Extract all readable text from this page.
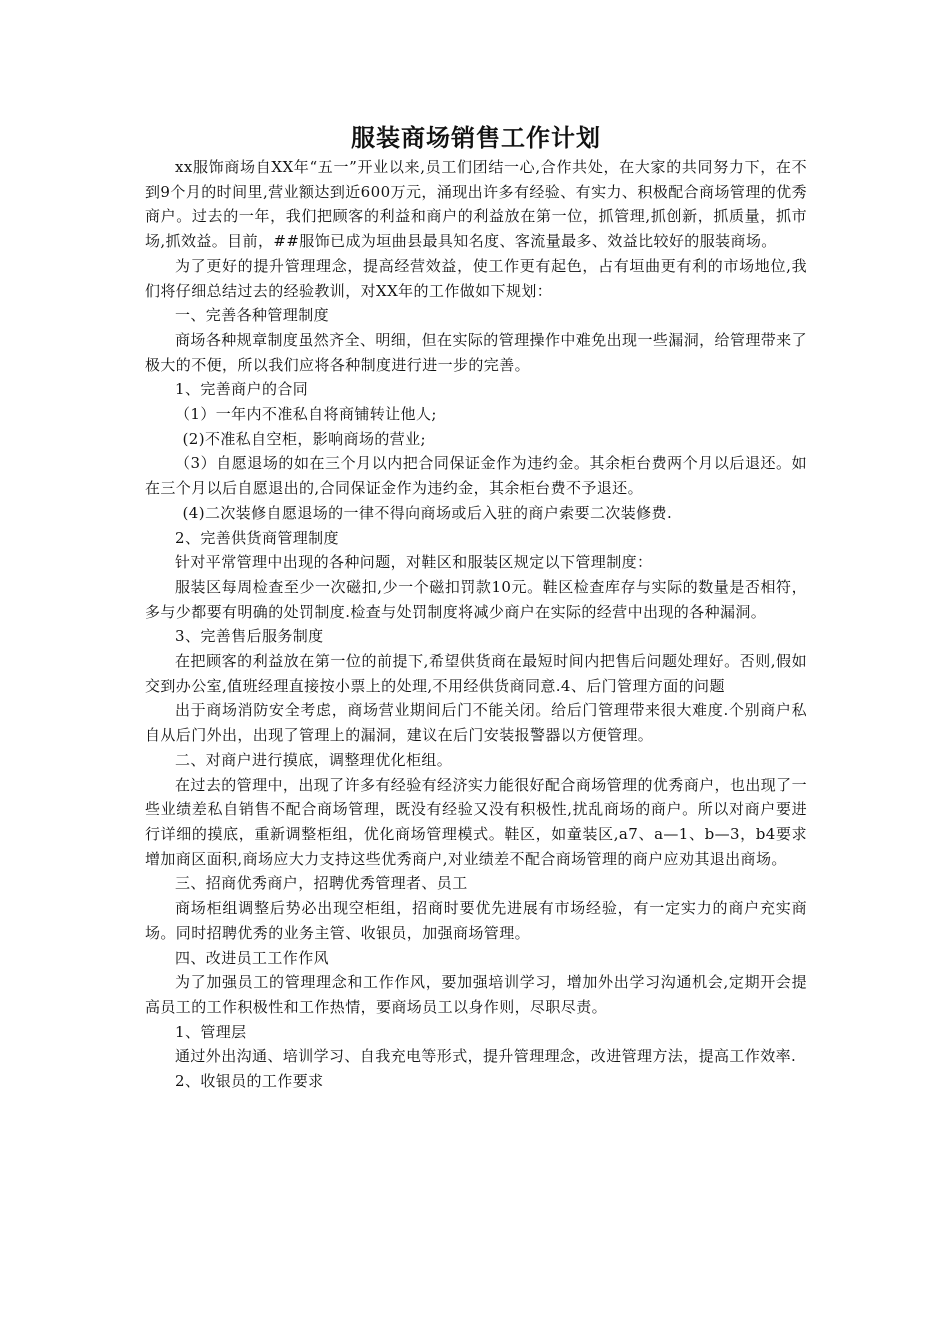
服装商场销售工作计划

xx服饰商场自XX年“五一”开业以来,员工们团结一心,合作共处，在大家的共同努力下，在不到9个月的时间里,营业额达到近600万元，涌现出许多有经验、有实力、积极配合商场管理的优秀商户。过去的一年，我们把顾客的利益和商户的利益放在第一位，抓管理,抓创新，抓质量，抓市场,抓效益。目前，##服饰已成为垣曲县最具知名度、客流量最多、效益比较好的服装商场。

为了更好的提升管理理念，提高经营效益，使工作更有起色，占有垣曲更有利的市场地位,我们将仔细总结过去的经验教训，对XX年的工作做如下规划：

一、完善各种管理制度

商场各种规章制度虽然齐全、明细，但在实际的管理操作中难免出现一些漏洞，给管理带来了极大的不便，所以我们应将各种制度进行进一步的完善。

1、完善商户的合同

（1）一年内不准私自将商铺转让他人;

(2)不准私自空柜，影响商场的营业;

（3）自愿退场的如在三个月以内把合同保证金作为违约金。其余柜台费两个月以后退还。如在三个月以后自愿退出的,合同保证金作为违约金，其余柜台费不予退还。

(4)二次装修自愿退场的一律不得向商场或后入驻的商户索要二次装修费.

2、完善供货商管理制度

针对平常管理中出现的各种问题，对鞋区和服装区规定以下管理制度：

服装区每周检查至少一次磁扣,少一个磁扣罚款10元。鞋区检查库存与实际的数量是否相符，多与少都要有明确的处罚制度.检查与处罚制度将减少商户在实际的经营中出现的各种漏洞。

3、完善售后服务制度

在把顾客的利益放在第一位的前提下,希望供货商在最短时间内把售后问题处理好。否则,假如交到办公室,值班经理直接按小票上的处理,不用经供货商同意.4、后门管理方面的问题

出于商场消防安全考虑，商场营业期间后门不能关闭。给后门管理带来很大难度.个别商户私自从后门外出，出现了管理上的漏洞，建议在后门安装报警器以方便管理。

二、对商户进行摸底，调整理优化柜组。

在过去的管理中，出现了许多有经验有经济实力能很好配合商场管理的优秀商户，也出现了一些业绩差私自销售不配合商场管理，既没有经验又没有积极性,扰乱商场的商户。所以对商户要进行详细的摸底，重新调整柜组，优化商场管理模式。鞋区，如童装区,a7、a—1、b—3，b4要求增加商区面积,商场应大力支持这些优秀商户,对业绩差不配合商场管理的商户应劝其退出商场。

三、招商优秀商户，招聘优秀管理者、员工

商场柜组调整后势必出现空柜组，招商时要优先进展有市场经验，有一定实力的商户充实商场。同时招聘优秀的业务主管、收银员，加强商场管理。

四、改进员工工作作风

为了加强员工的管理理念和工作作风，要加强培训学习，增加外出学习沟通机会,定期开会提高员工的工作积极性和工作热情，要商场员工以身作则，尽职尽责。

1、管理层

通过外出沟通、培训学习、自我充电等形式，提升管理理念，改进管理方法，提高工作效率.

2、收银员的工作要求
